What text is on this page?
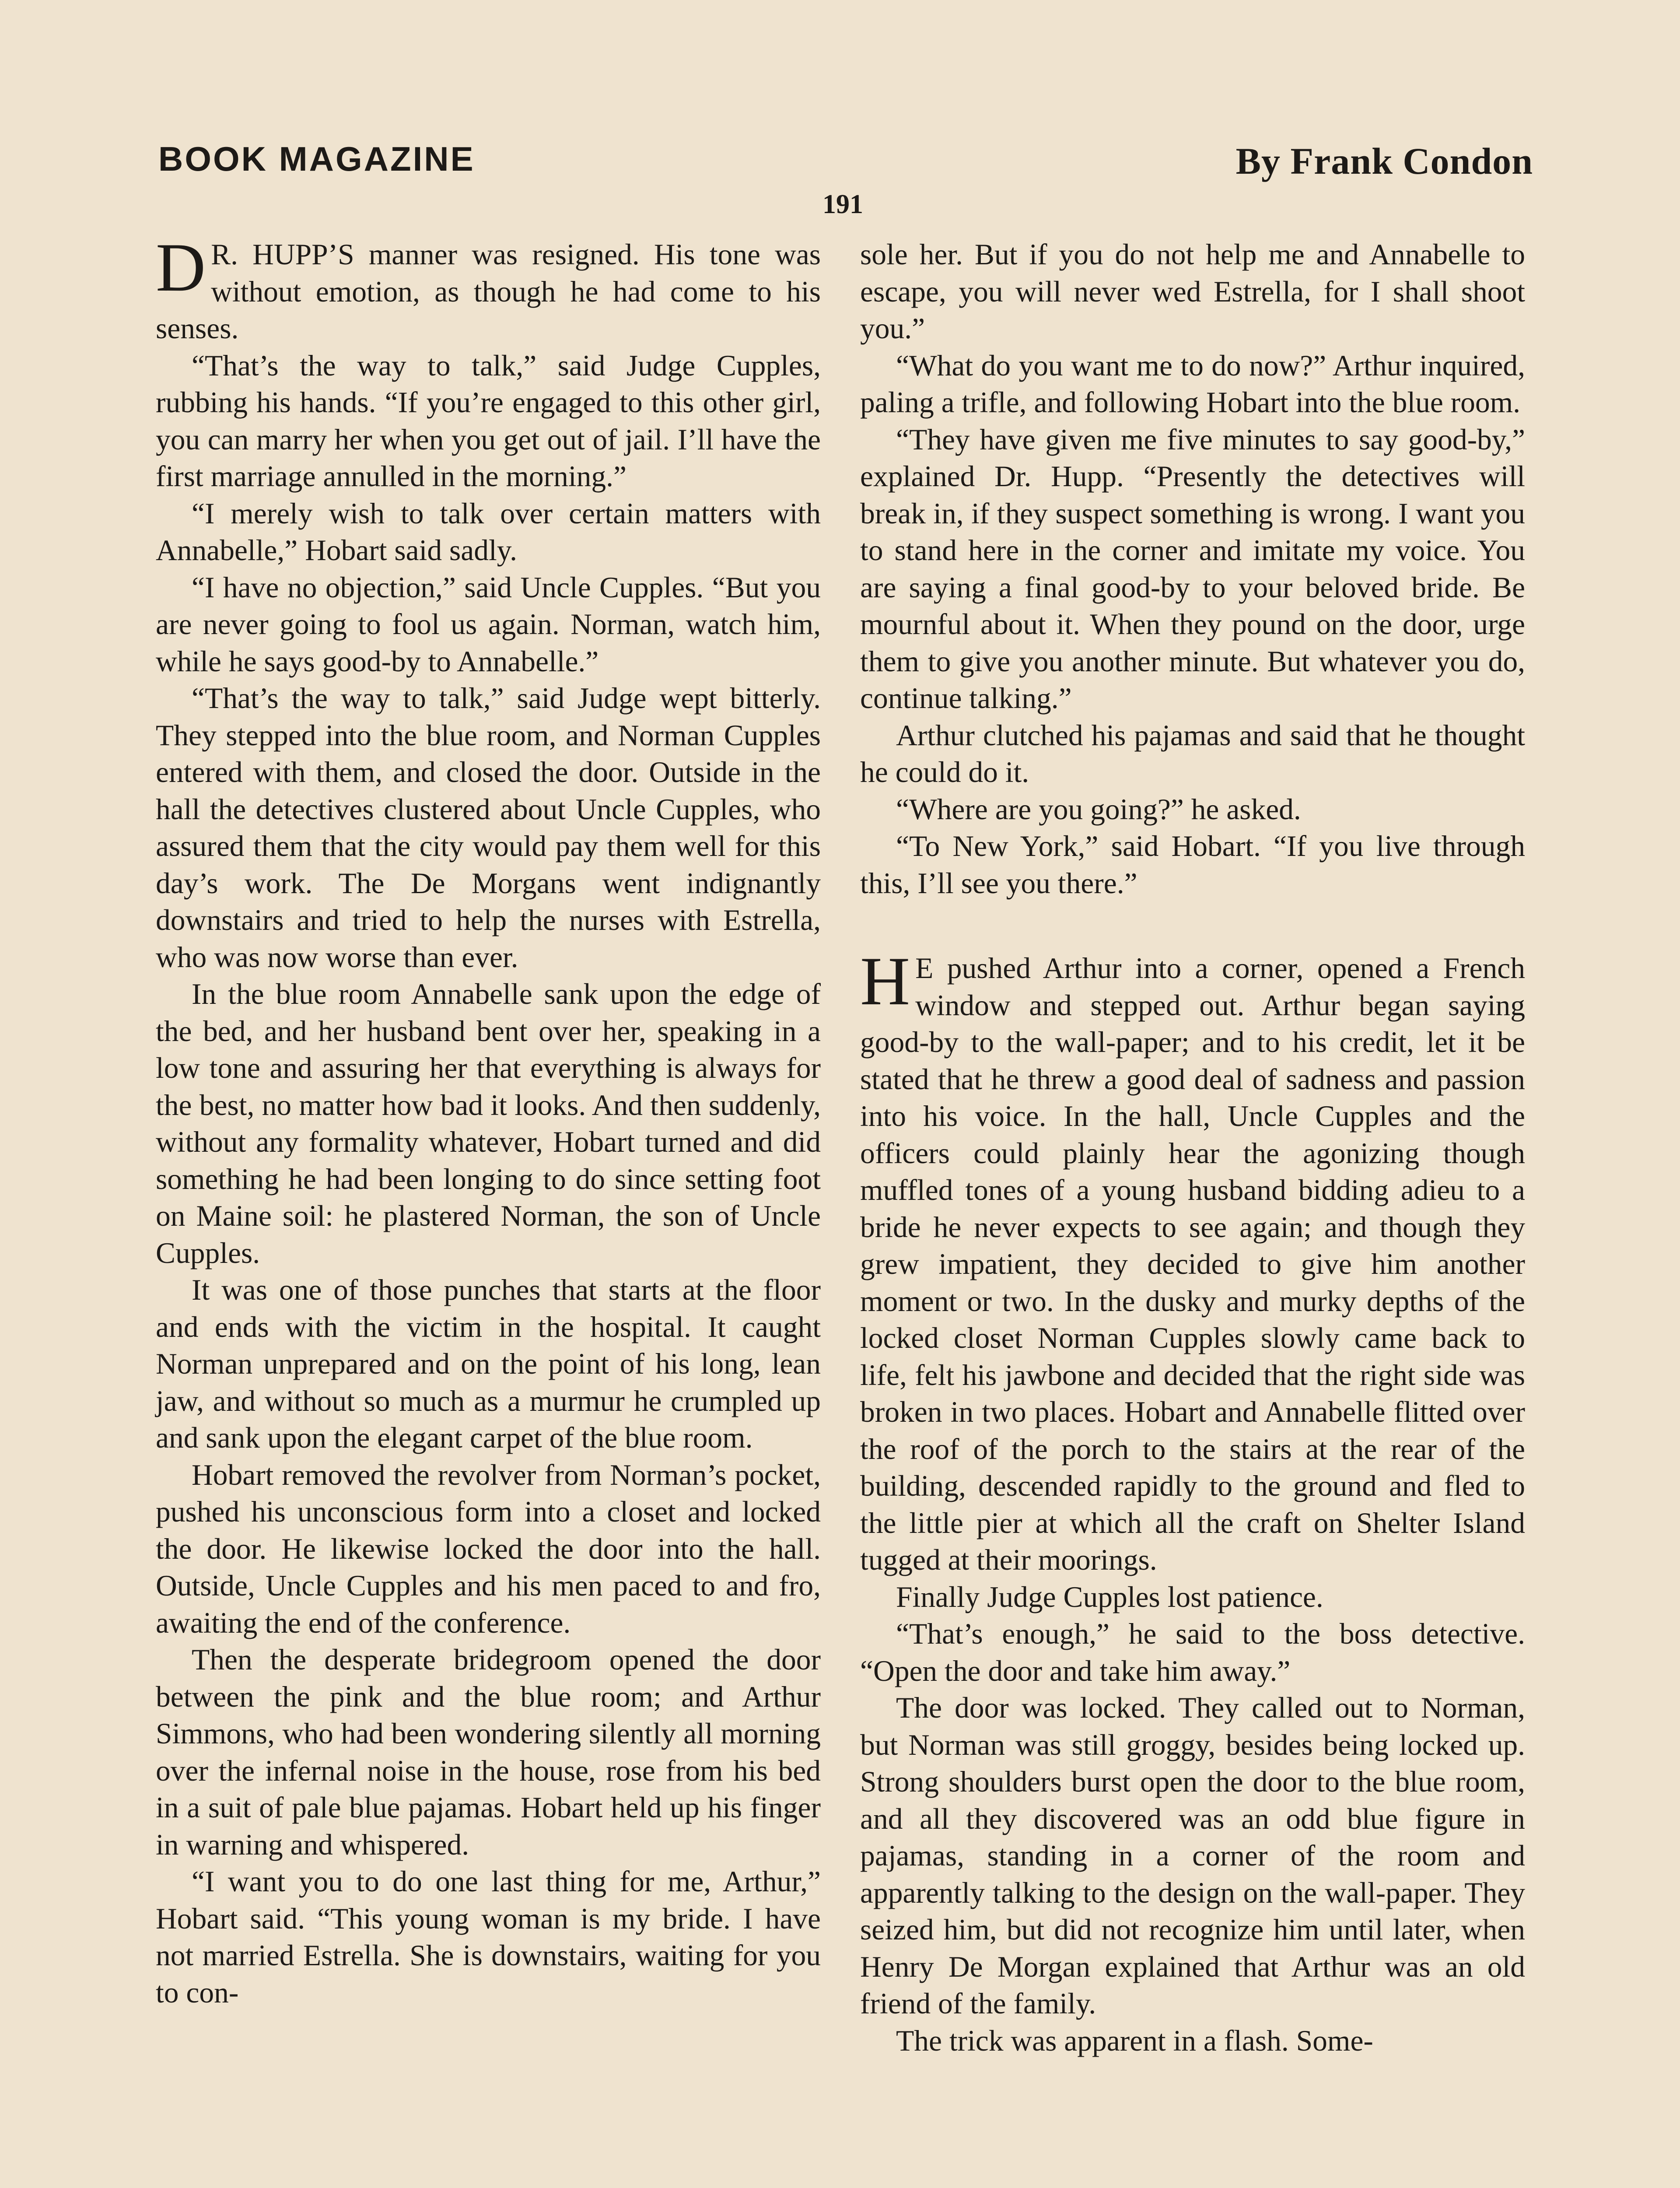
BOOK MAGAZINE	By Frank Condon
191

D R. HUPP’S manner was resigned. His tone was without emotion, as though he had come to his senses.

“That’s the way to talk,” said Judge Cupples, rubbing his hands. “If you’re engaged to this other girl, you can marry her when you get out of jail. I’ll have the first marriage annulled in the morning.”

“I merely wish to talk over certain matters with Annabelle,” Hobart said sadly.

“I have no objection,” said Uncle Cupples. “But you are never going to fool us again. Norman, watch him, while he says good-by to Annabelle.”

“That’s the way to talk,” said Judge wept bitterly. They stepped into the blue room, and Norman Cupples entered with them, and closed the door. Outside in the hall the detectives clustered about Uncle Cupples, who assured them that the city would pay them well for this day’s work. The De Morgans went indignantly downstairs and tried to help the nurses with Estrella, who was now worse than ever.

In the blue room Annabelle sank upon the edge of the bed, and her husband bent over her, speaking in a low tone and assuring her that everything is always for the best, no matter how bad it looks. And then suddenly, without any formality whatever, Hobart turned and did something he had been longing to do since setting foot on Maine soil: he plastered Norman, the son of Uncle Cupples.

It was one of those punches that starts at the floor and ends with the victim in the hospital. It caught Norman unprepared and on the point of his long, lean jaw, and without so much as a murmur he crumpled up and sank upon the elegant carpet of the blue room.

Hobart removed the revolver from Norman’s pocket, pushed his unconscious form into a closet and locked the door. He likewise locked the door into the hall. Outside, Uncle Cupples and his men paced to and fro, awaiting the end of the conference.

Then the desperate bridegroom opened the door between the pink and the blue room; and Arthur Simmons, who had been wondering silently all morning over the infernal noise in the house, rose from his bed in a suit of pale blue pajamas. Hobart held up his finger in warning and whispered.

“I want you to do one last thing for me, Arthur,” Hobart said. “This young woman is my bride. I have not married Estrella. She is downstairs, waiting for you to con-

sole her. But if you do not help me and Annabelle to escape, you will never wed Estrella, for I shall shoot you.”

“What do you want me to do now?” Arthur inquired, paling a trifle, and following Hobart into the blue room.

“They have given me five minutes to say good-by,” explained Dr. Hupp. “Presently the detectives will break in, if they suspect something is wrong. I want you to stand here in the corner and imitate my voice. You are saying a final good-by to your beloved bride. Be mournful about it. When they pound on the door, urge them to give you another minute. But whatever you do, continue talking.”

Arthur clutched his pajamas and said that he thought he could do it.

“Where are you going?” he asked.

“To New York,” said Hobart. “If you live through this, I’ll see you there.”

H E pushed Arthur into a corner, opened a French window and stepped out. Arthur began saying good-by to the wall-paper; and to his credit, let it be stated that he threw a good deal of sadness and passion into his voice. In the hall, Uncle Cupples and the officers could plainly hear the agonizing though muffled tones of a young husband bidding adieu to a bride he never expects to see again; and though they grew impatient, they decided to give him another moment or two. In the dusky and murky depths of the locked closet Norman Cupples slowly came back to life, felt his jawbone and decided that the right side was broken in two places. Hobart and Annabelle flitted over the roof of the porch to the stairs at the rear of the building, descended rapidly to the ground and fled to the little pier at which all the craft on Shelter Island tugged at their moorings.

Finally Judge Cupples lost patience.

“That’s enough,” he said to the boss detective. “Open the door and take him away.”

The door was locked. They called out to Norman, but Norman was still groggy, besides being locked up. Strong shoulders burst open the door to the blue room, and all they discovered was an odd blue figure in pajamas, standing in a corner of the room and apparently talking to the design on the wall-paper. They seized him, but did not recognize him until later, when Henry De Morgan explained that Arthur was an old friend of the family.

The trick was apparent in a flash. Some-
